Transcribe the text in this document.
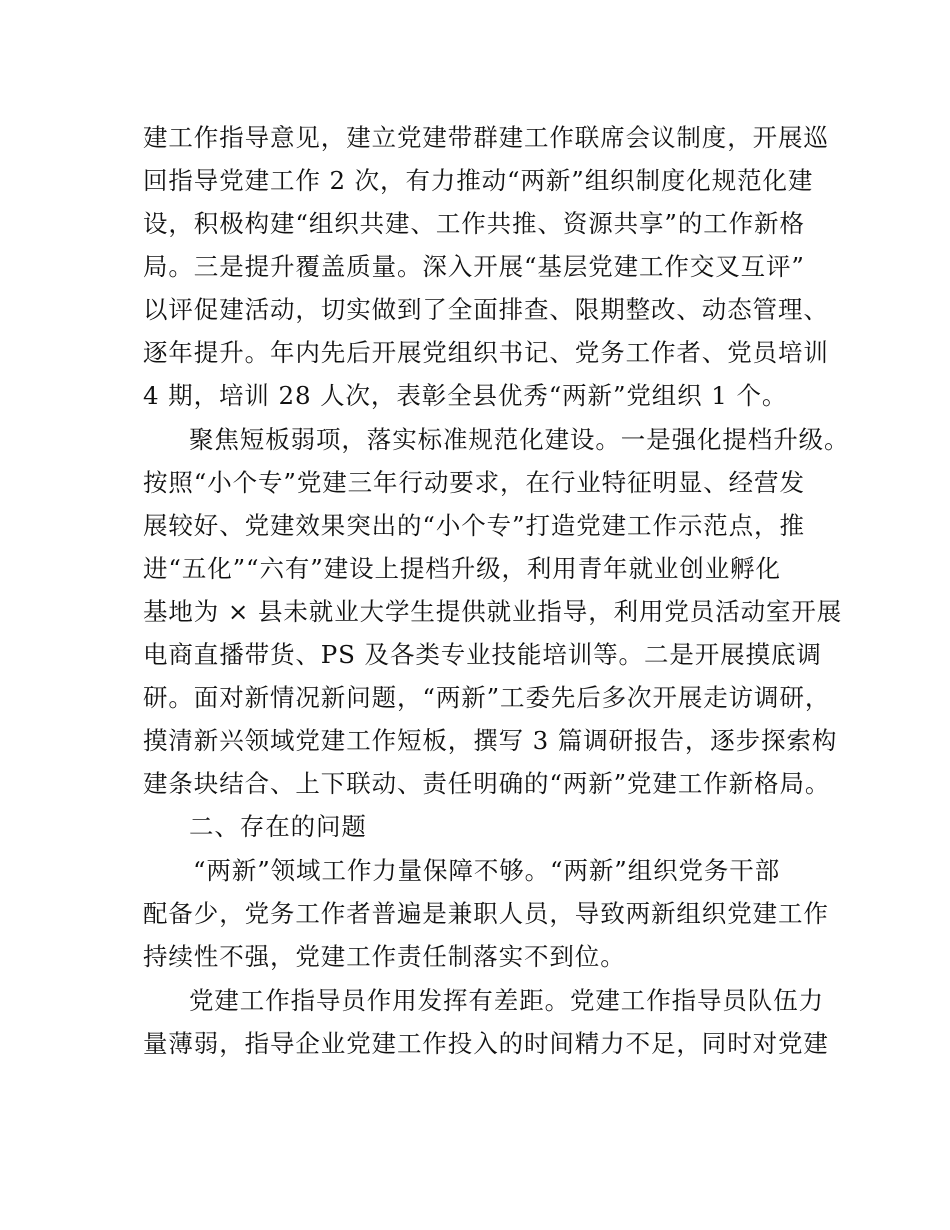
建工作指导意见，建立党建带群建工作联席会议制度，开展巡
回指导党建工作 2 次，有力推动“两新”组织制度化规范化建
设，积极构建“组织共建、工作共推、资源共享”的工作新格
局。三是提升覆盖质量。深入开展“基层党建工作交叉互评”
以评促建活动，切实做到了全面排查、限期整改、动态管理、
逐年提升。年内先后开展党组织书记、党务工作者、党员培训
4 期，培训 28 人次，表彰全县优秀“两新”党组织 1 个。
聚焦短板弱项，落实标准规范化建设。一是强化提档升级。
按照“小个专”党建三年行动要求，在行业特征明显、经营发
展较好、党建效果突出的“小个专”打造党建工作示范点，推
进“五化”“六有”建设上提档升级，利用青年就业创业孵化
基地为 × 县未就业大学生提供就业指导，利用党员活动室开展
电商直播带货、PS 及各类专业技能培训等。二是开展摸底调
研。面对新情况新问题，“两新”工委先后多次开展走访调研，
摸清新兴领域党建工作短板，撰写 3 篇调研报告，逐步探索构
建条块结合、上下联动、责任明确的“两新”党建工作新格局。
二、存在的问题
“两新”领域工作力量保障不够。“两新”组织党务干部
配备少，党务工作者普遍是兼职人员，导致两新组织党建工作
持续性不强，党建工作责任制落实不到位。
党建工作指导员作用发挥有差距。党建工作指导员队伍力
量薄弱，指导企业党建工作投入的时间精力不足，同时对党建
